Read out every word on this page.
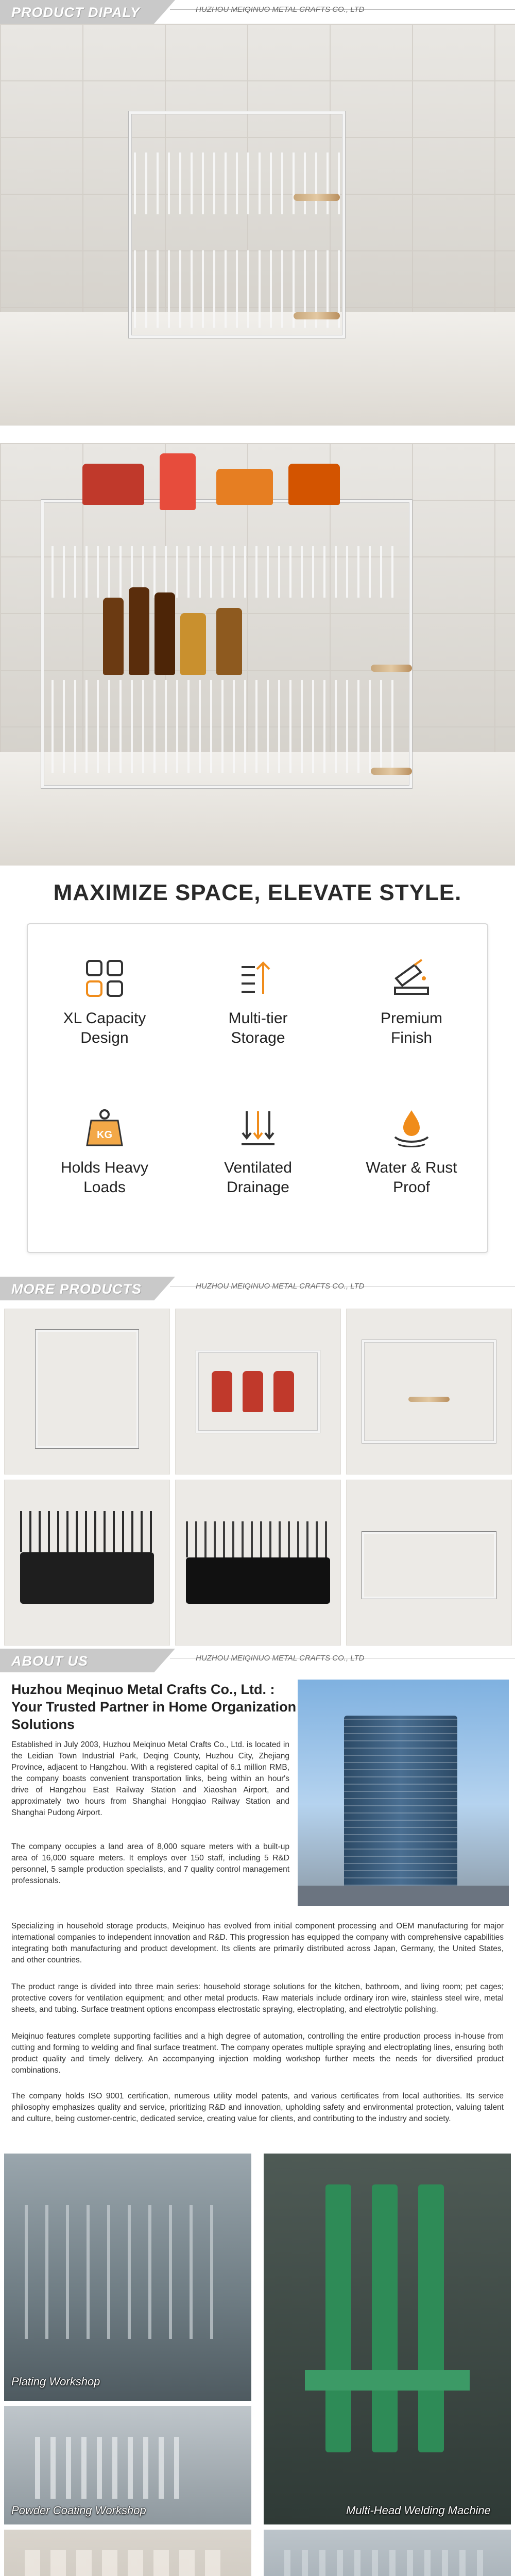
PRODUCT DIPALY	HUZHOU MEIQINUO METAL CRAFTS CO., LTD
MAXIMIZE SPACE, ELEVATE STYLE.
XL Capacity
Design
Multi-tier
Storage
Premium
Finish
KG
Holds Heavy
Loads
Ventilated
Drainage
Water & Rust
Proof
MORE PRODUCTS	HUZHOU MEIQINUO METAL CRAFTS CO., LTD
ABOUT US	HUZHOU MEIQINUO METAL CRAFTS CO., LTD
Huzhou Meqinuo Metal Crafts Co., Ltd. :
Your Trusted Partner in Home Organization
Solutions
Established in July 2003, Huzhou Meiqinuo Metal Crafts Co., Ltd. is located in the Leidian Town Industrial Park, Deqing County, Huzhou City, Zhejiang Province, adjacent to Hangzhou. With a registered capital of 6.1 million RMB, the company boasts convenient transportation links, being within an hour's drive of Hangzhou East Railway Station and Xiaoshan Airport, and approximately two hours from Shanghai Hongqiao Railway Station and Shanghai Pudong Airport.
The company occupies a land area of 8,000 square meters with a built-up area of 16,000 square meters. It employs over 150 staff, including 5 R&D personnel, 5 sample production specialists, and 7 quality control management professionals.
Specializing in household storage products, Meiqinuo has evolved from initial component processing and OEM manufacturing for major international companies to independent innovation and R&D. This progression has equipped the company with comprehensive capabilities integrating both manufacturing and product development. Its clients are primarily distributed across Japan, Germany, the United States, and other countries.
The product range is divided into three main series: household storage solutions for the kitchen, bathroom, and living room; pet cages; protective covers for ventilation equipment; and other metal products. Raw materials include ordinary iron wire, stainless steel wire, metal sheets, and tubing. Surface treatment options encompass electrostatic spraying, electroplating, and electrolytic polishing.
Meiqinuo features complete supporting facilities and a high degree of automation, controlling the entire production process in-house from cutting and forming to welding and final surface treatment. The company operates multiple spraying and electroplating lines, ensuring both product quality and timely delivery. An accompanying injection molding workshop further meets the needs for diversified product combinations.
The company holds ISO 9001 certification, numerous utility model patents, and various certificates from local authorities. Its service philosophy emphasizes quality and service, prioritizing R&D and innovation, upholding safety and environmental protection, valuing talent and culture, being customer-centric, dedicated service, creating value for clients, and contributing to the industry and society.
Plating Workshop
Powder Coating Workshop	Multi-Head Welding Machine
